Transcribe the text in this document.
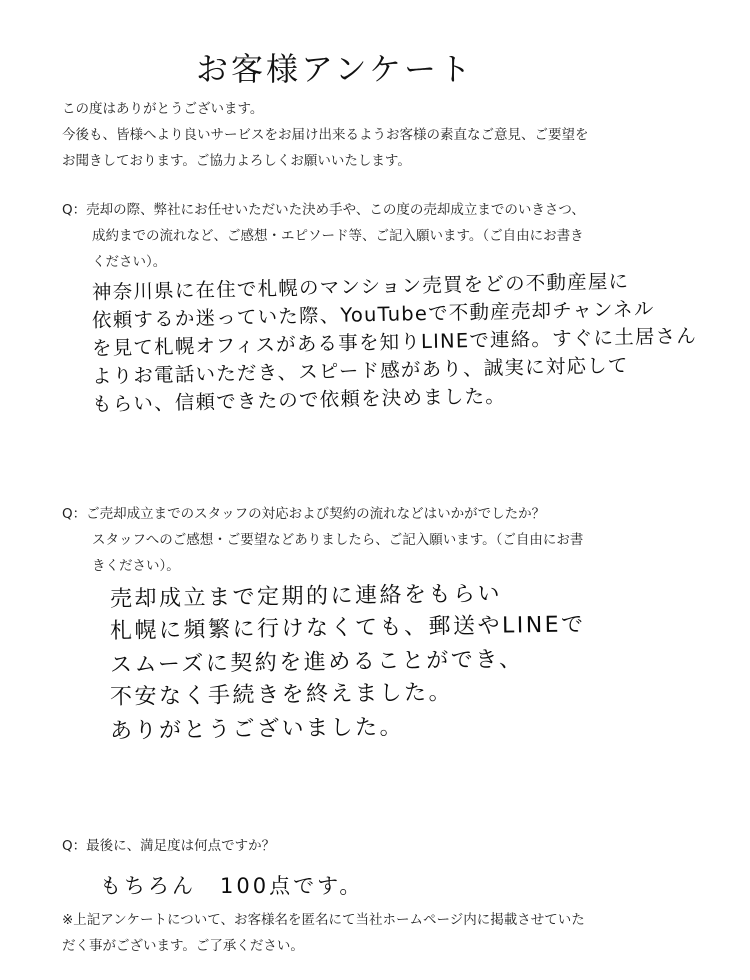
お客様アンケート
この度はありがとうございます。
今後も、皆様へより良いサービスをお届け出来るようお客様の素直なご意見、ご要望を
お聞きしております。ご協力よろしくお願いいたします。
Q：売却の際、弊社にお任せいただいた決め手や、この度の売却成立までのいきさつ、
成約までの流れなど、ご感想・エピソード等、ご記入願います。（ご自由にお書き
ください）。
神奈川県に在住で札幌のマンション売買をどの不動産屋に
依頼するか迷っていた際、YouTubeで不動産売却チャンネル
を見て札幌オフィスがある事を知りLINEで連絡。すぐに土居さん
よりお電話いただき、スピード感があり、誠実に対応して
もらい、信頼できたので依頼を決めました。
Q：ご売却成立までのスタッフの対応および契約の流れなどはいかがでしたか？
スタッフへのご感想・ご要望などありましたら、ご記入願います。（ご自由にお書
きください）。
売却成立まで定期的に連絡をもらい
札幌に頻繁に行けなくても、郵送やLINEで
スムーズに契約を進めることができ、
不安なく手続きを終えました。
ありがとうございました。
Q：最後に、満足度は何点ですか？
もちろん　100点です。
※上記アンケートについて、お客様名を匿名にて当社ホームページ内に掲載させていた
だく事がございます。ご了承ください。
